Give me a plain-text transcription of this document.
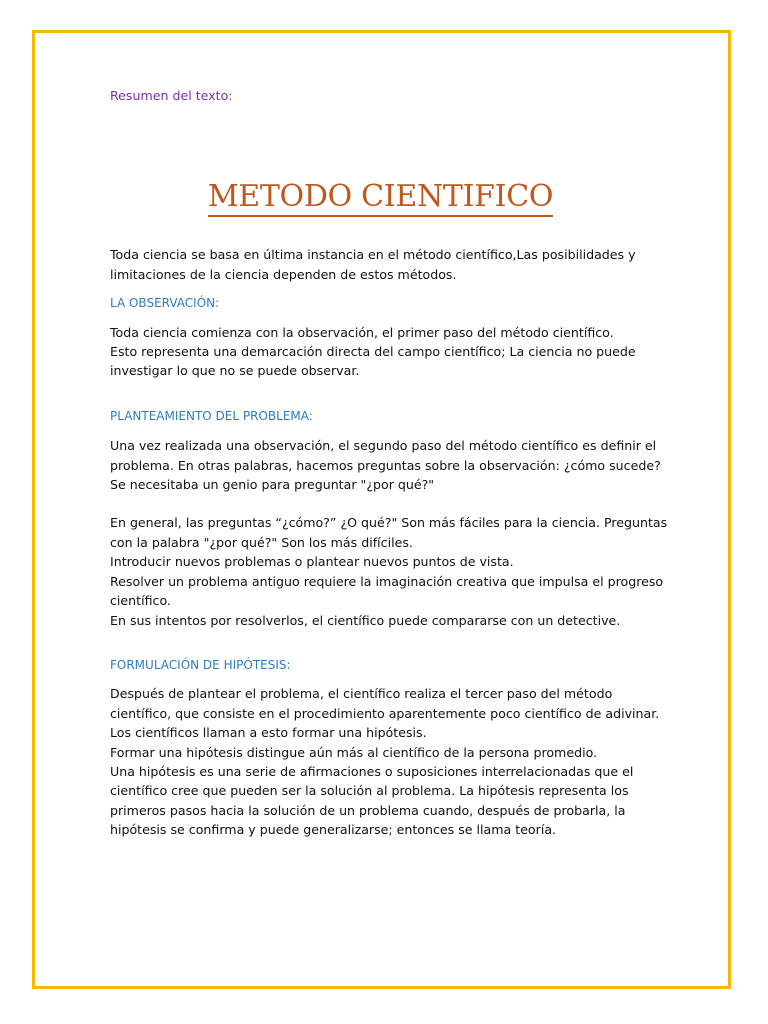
Resumen del texto:

METODO CIENTIFICO

Toda ciencia se basa en última instancia en el método científico,Las posibilidades y
limitaciones de la ciencia dependen de estos métodos.

LA OBSERVACIÓN:

Toda ciencia comienza con la observación, el primer paso del método científico.
Esto representa una demarcación directa del campo científico; La ciencia no puede
investigar lo que no se puede observar.

PLANTEAMIENTO DEL PROBLEMA:

Una vez realizada una observación, el segundo paso del método científico es definir el
problema. En otras palabras, hacemos preguntas sobre la observación: ¿cómo sucede?
Se necesitaba un genio para preguntar "¿por qué?"

En general, las preguntas “¿cómo?” ¿O qué?" Son más fáciles para la ciencia. Preguntas
con la palabra "¿por qué?" Son los más difíciles.
Introducir nuevos problemas o plantear nuevos puntos de vista.
Resolver un problema antiguo requiere la imaginación creativa que impulsa el progreso
científico.
En sus intentos por resolverlos, el científico puede compararse con un detective.

FORMULACIÓN DE HIPÓTESIS:

Después de plantear el problema, el científico realiza el tercer paso del método
científico, que consiste en el procedimiento aparentemente poco científico de adivinar.
Los científicos llaman a esto formar una hipótesis.
Formar una hipótesis distingue aún más al científico de la persona promedio.
Una hipótesis es una serie de afirmaciones o suposiciones interrelacionadas que el
científico cree que pueden ser la solución al problema. La hipótesis representa los
primeros pasos hacia la solución de un problema cuando, después de probarla, la
hipótesis se confirma y puede generalizarse; entonces se llama teoría.
